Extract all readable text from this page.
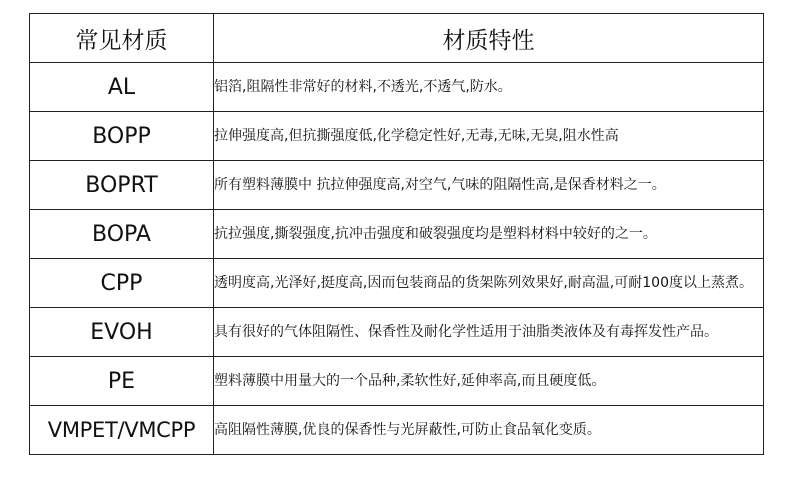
常见材质	材质特性
AL	铝箔,阻隔性非常好的材料,不透光,不透气,防水。
BOPP	拉伸强度高,但抗撕强度低,化学稳定性好,无毒,无味,无臭,阻水性高
BOPRT	所有塑料薄膜中 抗拉伸强度高,对空气,气味的阻隔性高,是保香材料之一。
BOPA	抗拉强度,撕裂强度,抗冲击强度和破裂强度均是塑料材料中较好的之一。
CPP	透明度高,光泽好,挺度高,因而包装商品的货架陈列效果好,耐高温,可耐100度以上蒸煮。
EVOH	具有很好的气体阻隔性、保香性及耐化学性适用于油脂类液体及有毒挥发性产品。
PE	塑料薄膜中用量大的一个品种,柔软性好,延伸率高,而且硬度低。
VMPET/VMCPP	高阻隔性薄膜,优良的保香性与光屏蔽性,可防止食品氧化变质。
